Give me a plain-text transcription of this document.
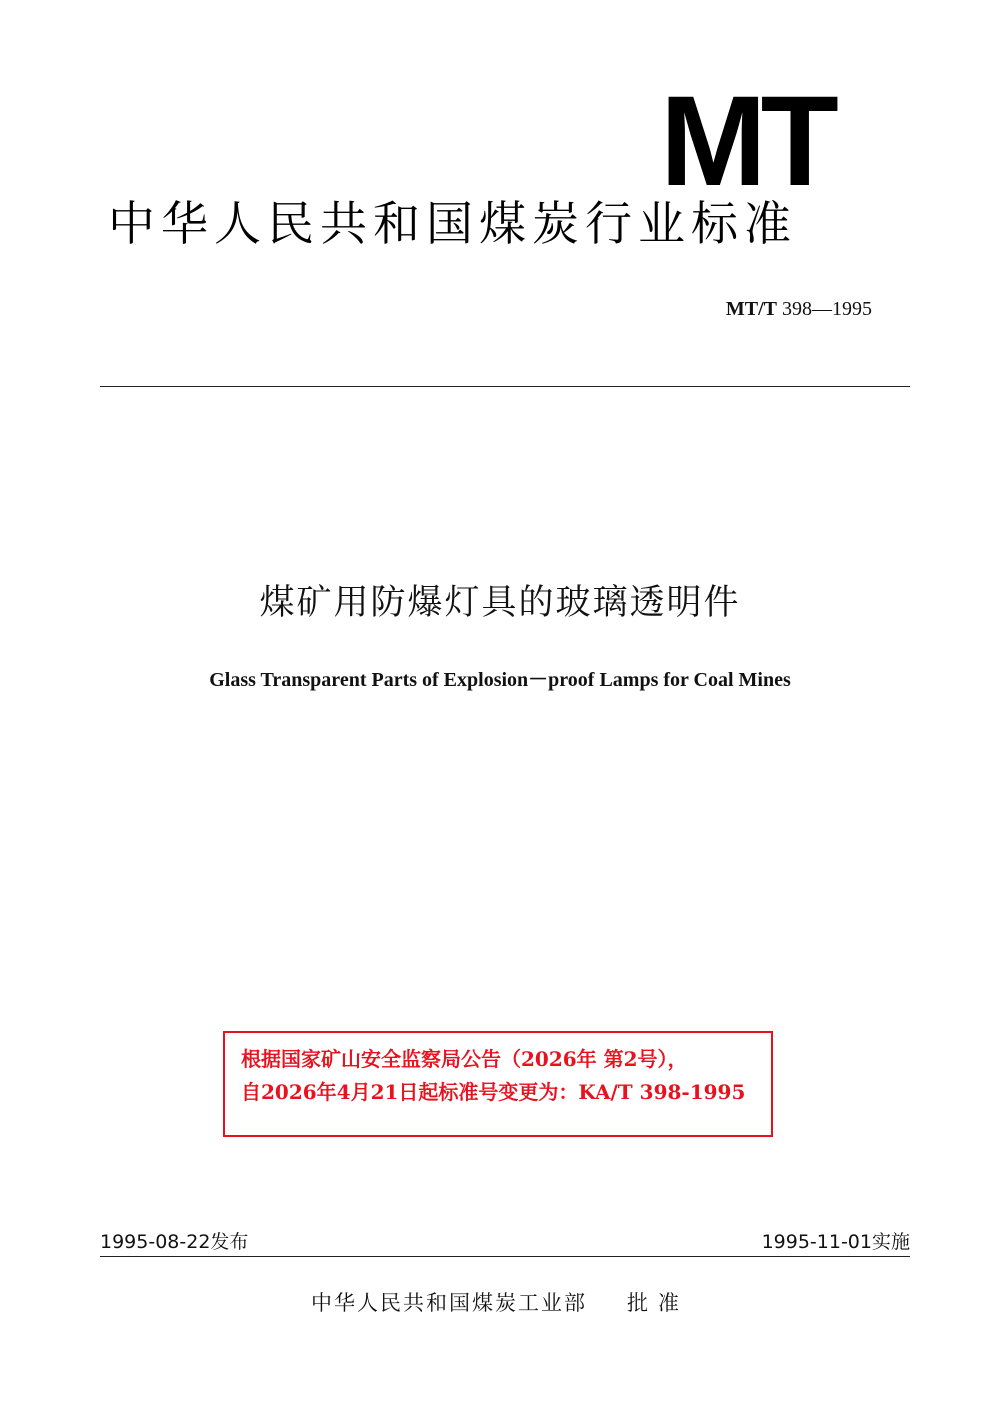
MT
中华人民共和国煤炭行业标准
MT/T 398—1995
煤矿用防爆灯具的玻璃透明件
Glass Transparent Parts of Explosion－proof Lamps for Coal Mines
根据国家矿山安全监察局公告（2026年 第2号），
自2026年4月21日起标准号变更为：KA/T 398-1995
1995-08-22发布	1995-11-01实施
中华人民共和国煤炭工业部 批准
